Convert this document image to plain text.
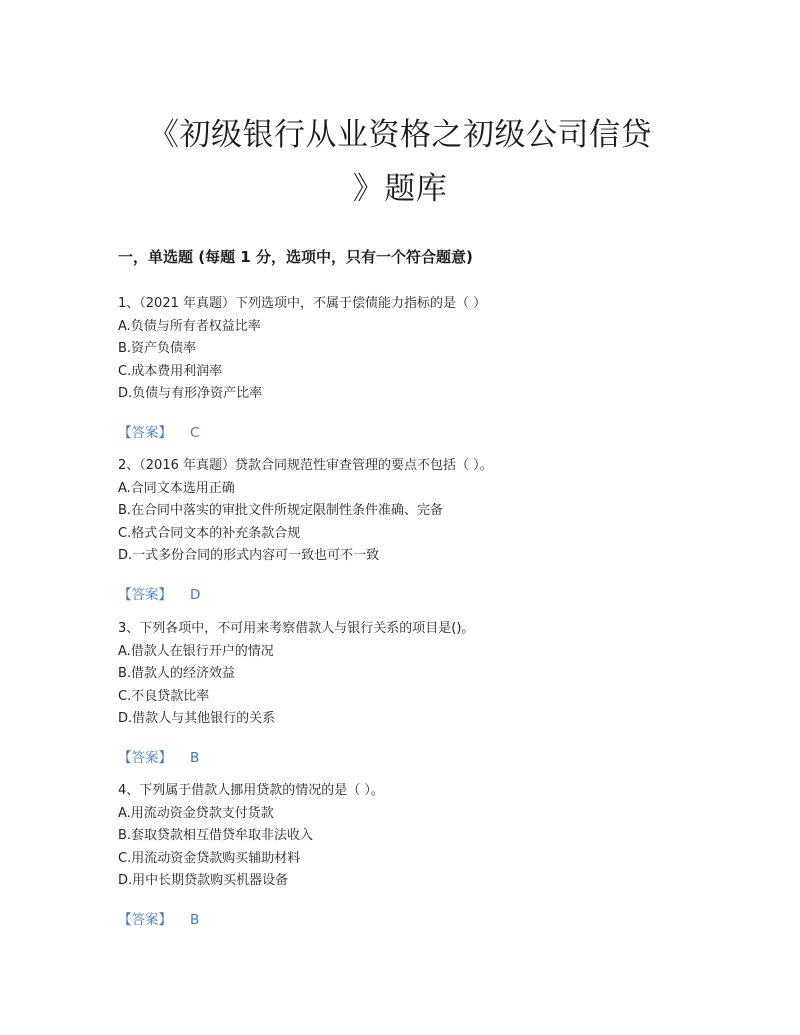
《初级银行从业资格之初级公司信贷
》题库
一，单选题 (每题 1 分，选项中，只有一个符合题意)
1、（2021 年真题）下列选项中，不属于偿债能力指标的是（ ）
A.负债与所有者权益比率
B.资产负债率
C.成本费用利润率
D.负债与有形净资产比率
【答案】 C
2、（2016 年真题）贷款合同规范性审查管理的要点不包括（ ）。
A.合同文本选用正确
B.在合同中落实的审批文件所规定限制性条件准确、完备
C.格式合同文本的补充条款合规
D.一式多份合同的形式内容可一致也可不一致
【答案】 D
3、下列各项中，不可用来考察借款人与银行关系的项目是()。
A.借款人在银行开户的情况
B.借款人的经济效益
C.不良贷款比率
D.借款人与其他银行的关系
【答案】 B
4、下列属于借款人挪用贷款的情况的是（ ）。
A.用流动资金贷款支付货款
B.套取贷款相互借贷牟取非法收入
C.用流动资金贷款购买辅助材料
D.用中长期贷款购买机器设备
【答案】 B
